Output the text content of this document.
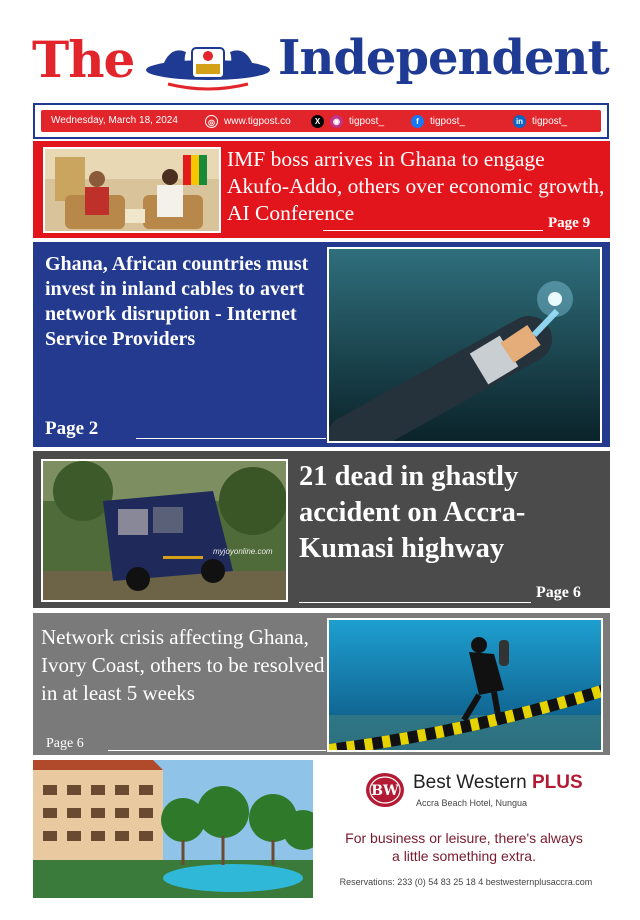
The	Independent
Wednesday, March 18, 2024	◎ www.tigpost.co	X ◉ tigpost_	f tigpost_	in tigpost_
IMF boss arrives in Ghana to engage Akufo-Addo, others over economic growth, AI Conference	Page 9
Ghana, African countries must invest in inland cables to avert network disruption - Internet Service Providers
Page 2
myjoyonline.com
21 dead in ghastly accident on Accra-Kumasi highway
Page 6
Network crisis affecting Ghana, Ivory Coast, others to be resolved in at least 5 weeks
Page 6
BW Best Western PLUS
Accra Beach Hotel, Nungua
For business or leisure, there's always
a little something extra.
Reservations: 233 (0) 54 83 25 18 4 bestwesternplusaccra.com
